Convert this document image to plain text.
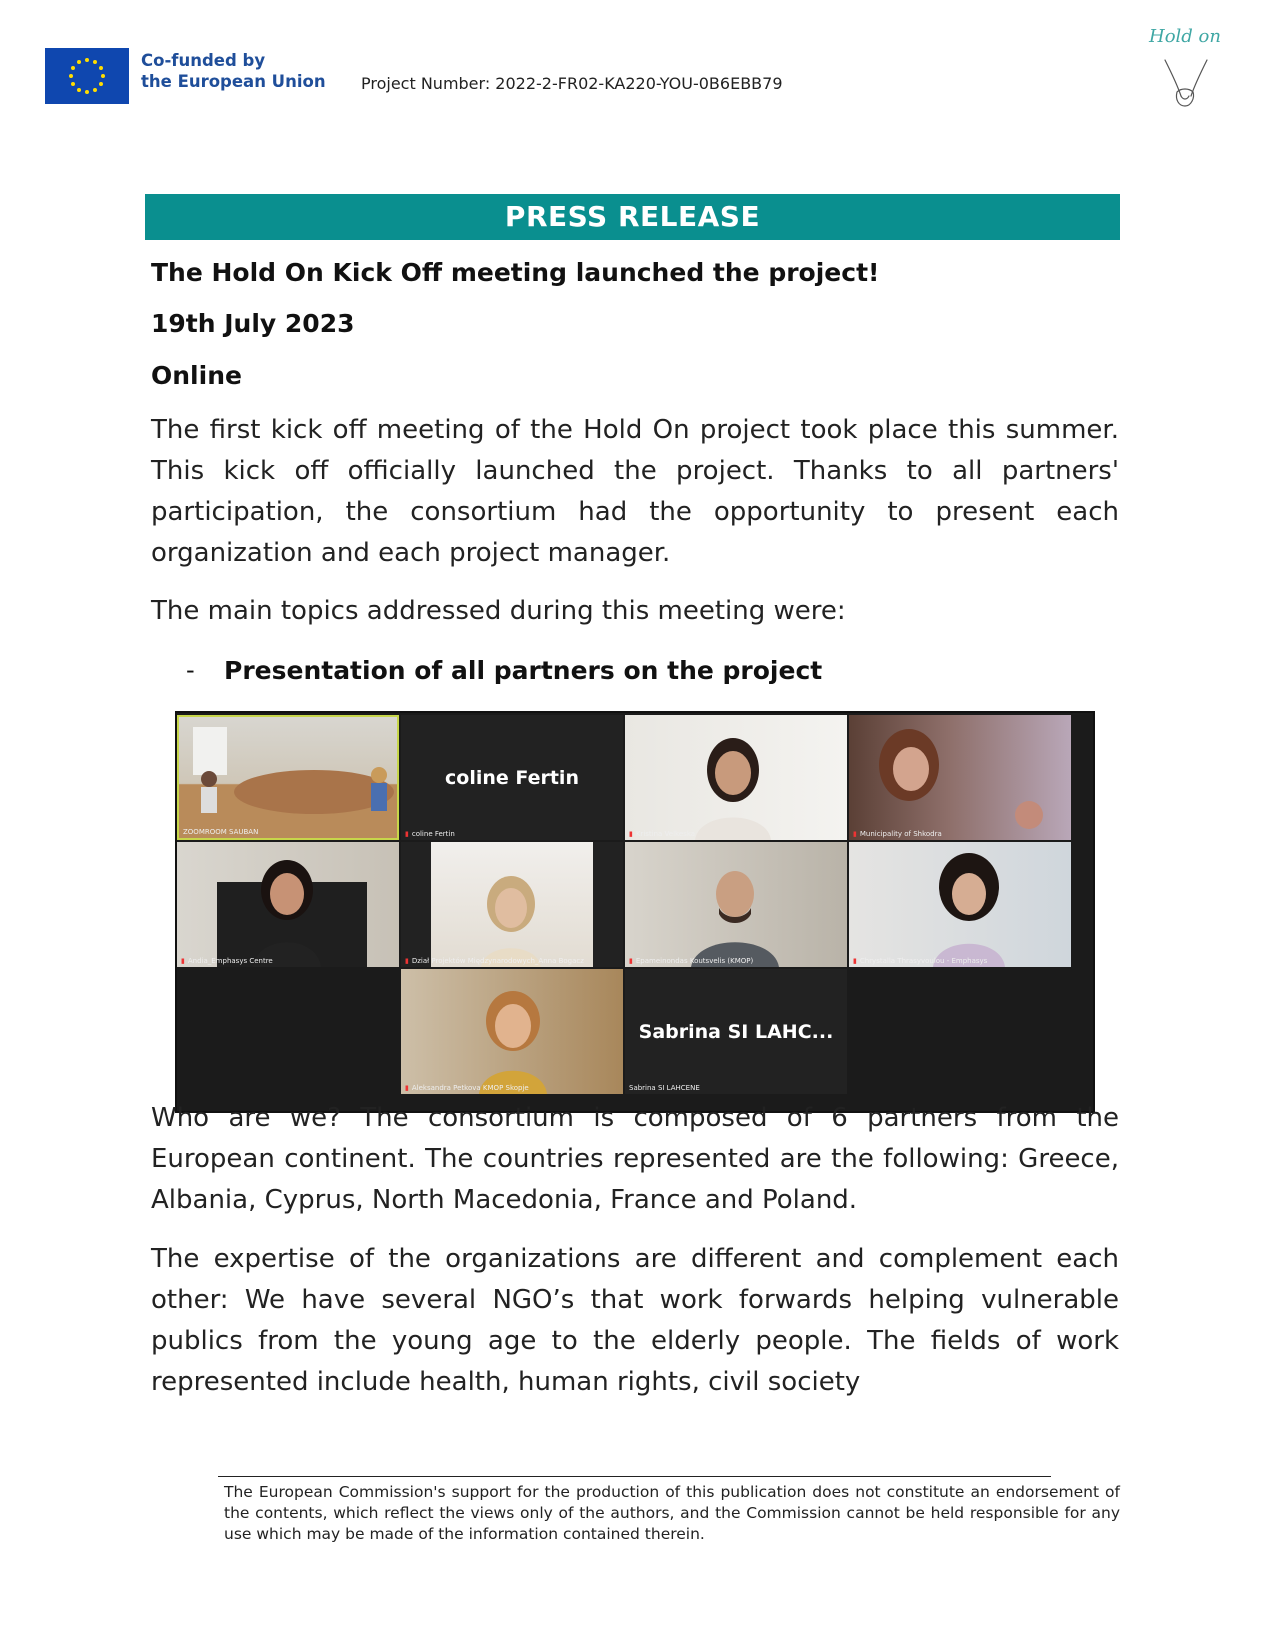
Co-funded by
the European Union Project Number: 2022-2-FR02-KA220-YOU-0B6EBB79
Hold on
PRESS RELEASE
The Hold On Kick Off meeting launched the project!
19th July 2023
Online
The first kick off meeting of the Hold On project took place this summer. This kick off officially launched the project. Thanks to all partners' participation, the consortium had the opportunity to present each organization and each project manager.
The main topics addressed during this meeting were:
- Presentation of all partners on the project
ZOOMROOM SAUBAN
coline Fertin
▮ coline Fertin	▮ Kristina Velkeska	▮ Municipality of Shkodra
▮ Andia_Emphasys Centre	▮ Dział Projektów Międzynarodowych_Anna Bogacz	▮ Epameinondas Koutsvelis (KMOP)	▮ Chrystalla Thrasyvoulou - Emphasys
▮ Aleksandra Petkova KMOP Skopje
Sabrina SI LAHC...
Sabrina SI LAHCENE
Who are we? The consortium is composed of 6 partners from the European continent. The countries represented are the following: Greece, Albania, Cyprus, North Macedonia, France and Poland.
The expertise of the organizations are different and complement each other: We have several NGO’s that work forwards helping vulnerable publics from the young age to the elderly people. The fields of work represented include health, human rights, civil society
The European Commission's support for the production of this publication does not constitute an endorsement of the contents, which reflect the views only of the authors, and the Commission cannot be held responsible for any use which may be made of the information contained therein.
